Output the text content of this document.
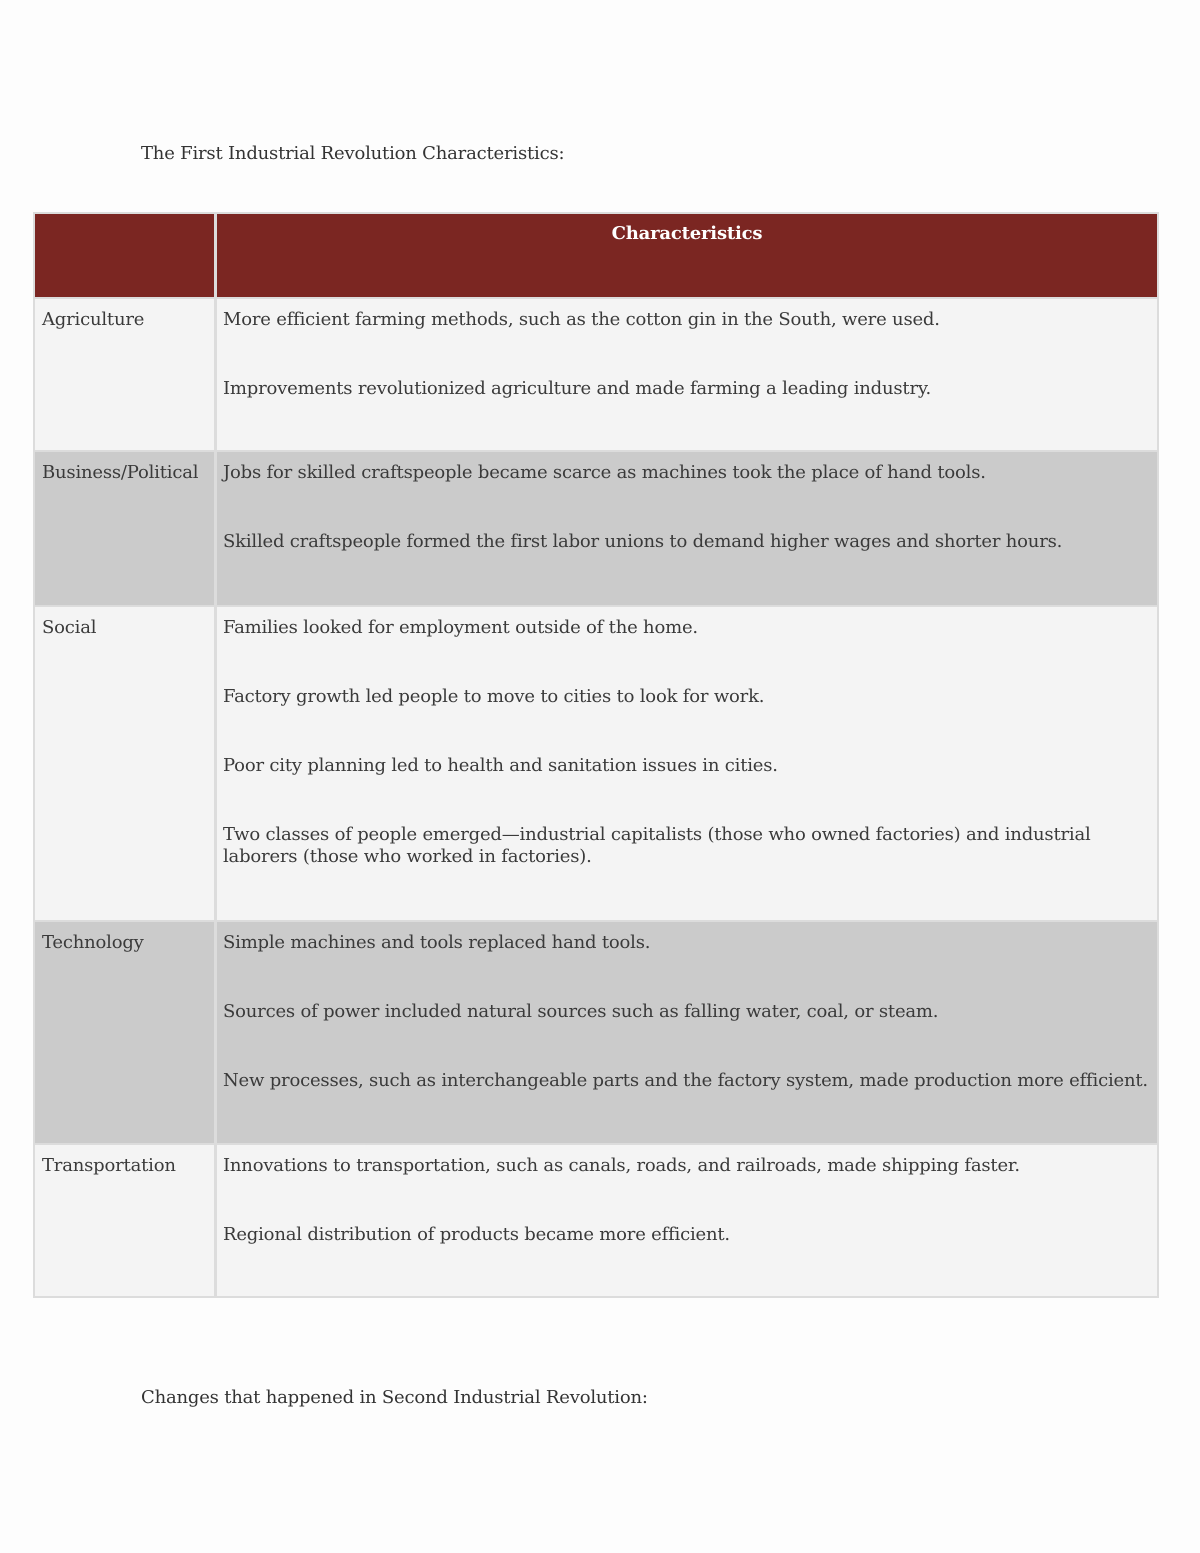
The First Industrial Revolution Characteristics:
Characteristics
Agriculture	More efficient farming methods, such as the cotton gin in the South, were used.

Improvements revolutionized agriculture and made farming a leading industry.

Business/Political	Jobs for skilled craftspeople became scarce as machines took the place of hand tools.

Skilled craftspeople formed the first labor unions to demand higher wages and shorter hours.

Social	Families looked for employment outside of the home.

Factory growth led people to move to cities to look for work.

Poor city planning led to health and sanitation issues in cities.

Two classes of people emerged—industrial capitalists (those who owned factories) and industrial laborers (those who worked in factories).

Technology	Simple machines and tools replaced hand tools.

Sources of power included natural sources such as falling water, coal, or steam.

New processes, such as interchangeable parts and the factory system, made production more efficient.

Transportation	Innovations to transportation, such as canals, roads, and railroads, made shipping faster.

Regional distribution of products became more efficient.

Changes that happened in Second Industrial Revolution:
